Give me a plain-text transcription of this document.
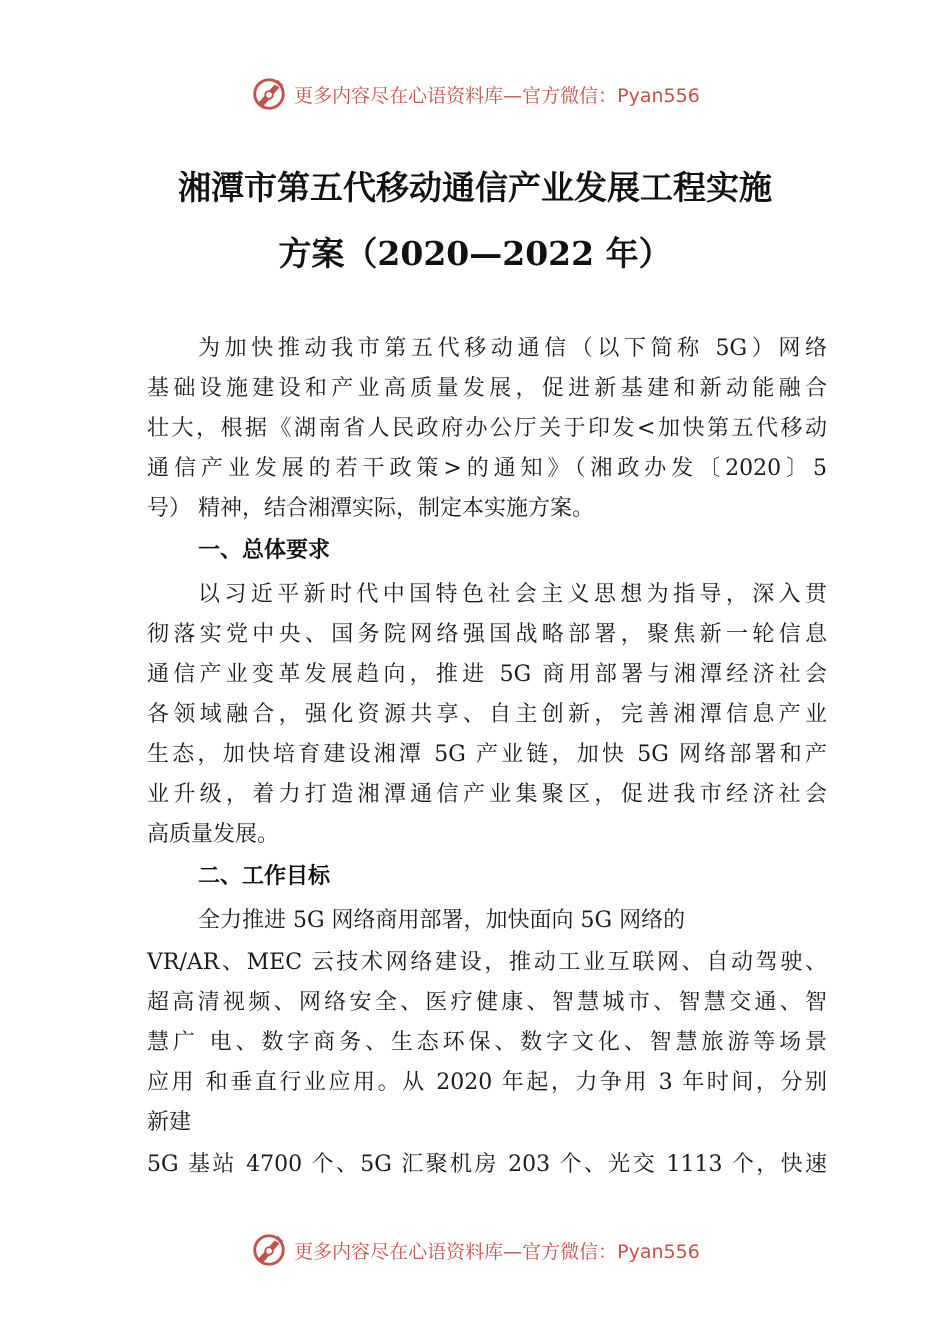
更多内容尽在心语资料库—官方微信：Pyan556
湘潭市第五代移动通信产业发展工程实施
方案（2020—2022 年）
为加快推动我市第五代移动通信（以下简称 5G）网络
基础设施建设和产业高质量发展，促进新基建和新动能融合
壮大，根据《湖南省人民政府办公厅关于印发<加快第五代移动
通信产业发展的若干政策>的通知》（湘政办发〔2020〕5
号） 精神，结合湘潭实际，制定本实施方案。
一、总体要求
以习近平新时代中国特色社会主义思想为指导，深入贯
彻落实党中央、国务院网络强国战略部署，聚焦新一轮信息
通信产业变革发展趋向，推进 5G 商用部署与湘潭经济社会
各领域融合，强化资源共享、自主创新，完善湘潭信息产业
生态，加快培育建设湘潭 5G 产业链，加快 5G 网络部署和产
业升级，着力打造湘潭通信产业集聚区，促进我市经济社会
高质量发展。
二、工作目标
全力推进 5G 网络商用部署，加快面向 5G 网络的
VR/AR、MEC 云技术网络建设，推动工业互联网、自动驾驶、
超高清视频、网络安全、医疗健康、智慧城市、智慧交通、智
慧广 电、数字商务、生态环保、数字文化、智慧旅游等场景
应用 和垂直行业应用。从 2020 年起，力争用 3 年时间，分别
新建
5G 基站 4700 个、5G 汇聚机房 203 个、光交 1113 个，快速
更多内容尽在心语资料库—官方微信：Pyan556
